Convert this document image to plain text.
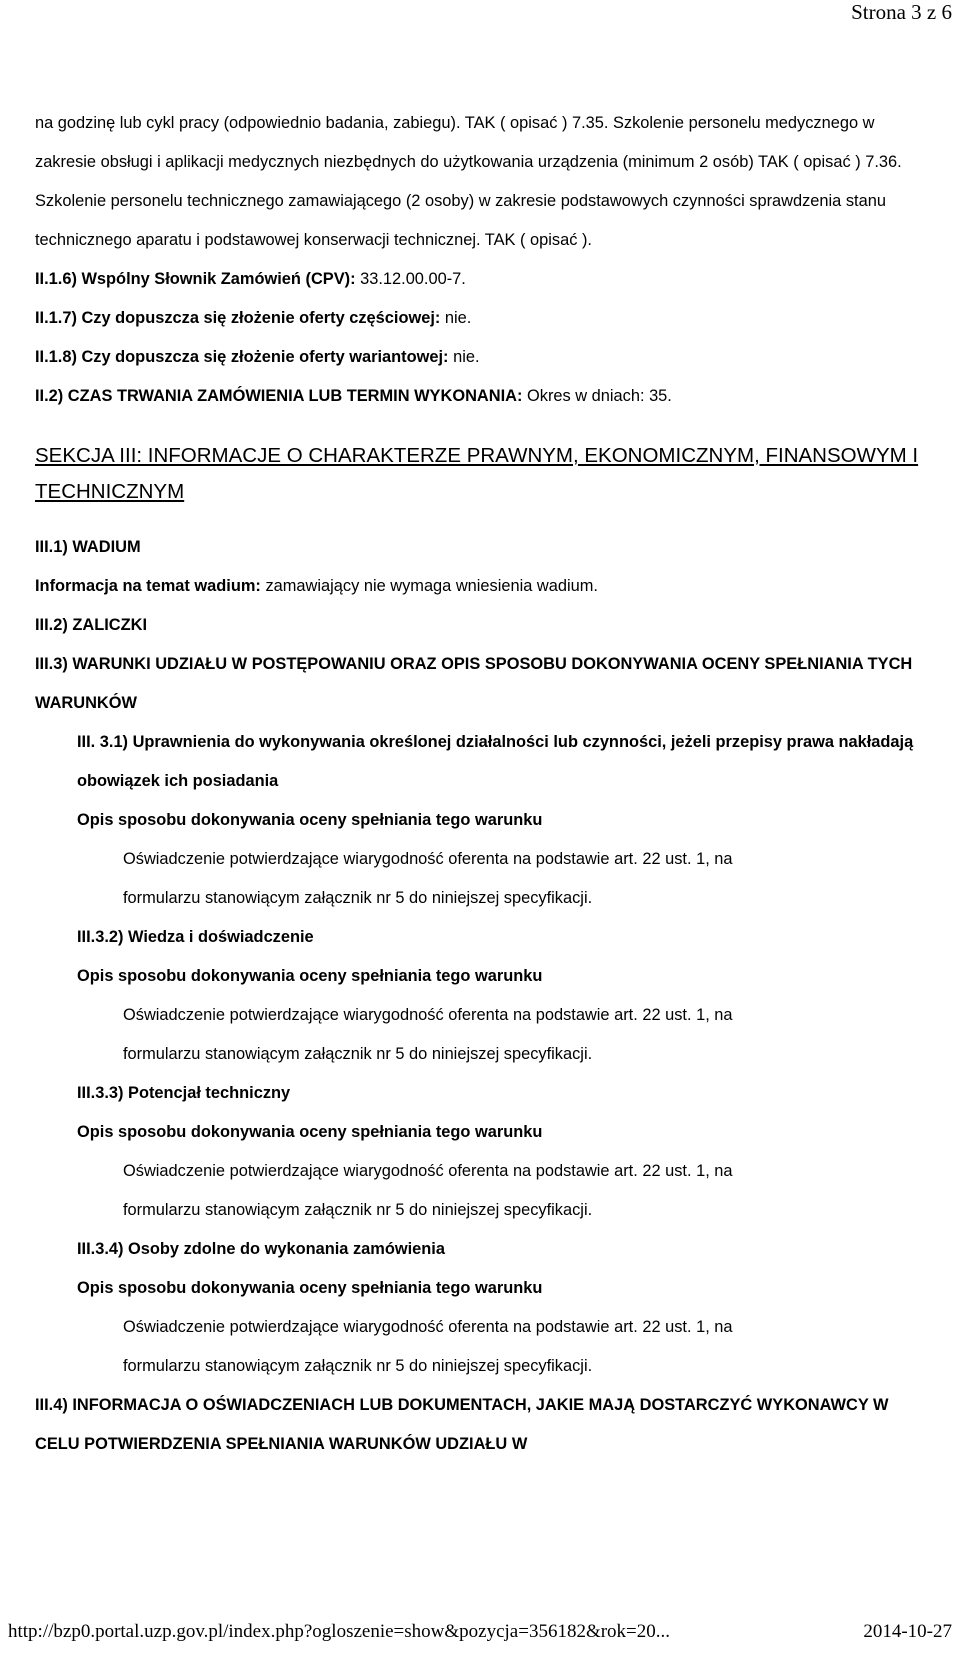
Strona 3 z 6

na godzinę lub cykl pracy (odpowiednio badania, zabiegu). TAK ( opisać ) 7.35. Szkolenie personelu medycznego w zakresie obsługi i aplikacji medycznych niezbędnych do użytkowania urządzenia (minimum 2 osób) TAK ( opisać ) 7.36. Szkolenie personelu technicznego zamawiającego (2 osoby) w zakresie podstawowych czynności sprawdzenia stanu technicznego aparatu i podstawowej konserwacji technicznej. TAK ( opisać ).

II.1.6) Wspólny Słownik Zamówień (CPV): 33.12.00.00-7.
II.1.7) Czy dopuszcza się złożenie oferty częściowej: nie.
II.1.8) Czy dopuszcza się złożenie oferty wariantowej: nie.
II.2) CZAS TRWANIA ZAMÓWIENIA LUB TERMIN WYKONANIA: Okres w dniach: 35.
SEKCJA III: INFORMACJE O CHARAKTERZE PRAWNYM, EKONOMICZNYM, FINANSOWYM I TECHNICZNYM
III.1) WADIUM
Informacja na temat wadium: zamawiający nie wymaga wniesienia wadium.
III.2) ZALICZKI

III.3) WARUNKI UDZIAŁU W POSTĘPOWANIU ORAZ OPIS SPOSOBU DOKONYWANIA OCENY SPEŁNIANIA TYCH WARUNKÓW

III. 3.1) Uprawnienia do wykonywania określonej działalności lub czynności, jeżeli przepisy prawa nakładają obowiązek ich posiadania

Opis sposobu dokonywania oceny spełniania tego warunku
Oświadczenie potwierdzające wiarygodność oferenta na podstawie art. 22 ust. 1, na
formularzu stanowiącym załącznik nr 5 do niniejszej specyfikacji.
III.3.2) Wiedza i doświadczenie
Opis sposobu dokonywania oceny spełniania tego warunku
Oświadczenie potwierdzające wiarygodność oferenta na podstawie art. 22 ust. 1, na
formularzu stanowiącym załącznik nr 5 do niniejszej specyfikacji.
III.3.3) Potencjał techniczny
Opis sposobu dokonywania oceny spełniania tego warunku
Oświadczenie potwierdzające wiarygodność oferenta na podstawie art. 22 ust. 1, na
formularzu stanowiącym załącznik nr 5 do niniejszej specyfikacji.
III.3.4) Osoby zdolne do wykonania zamówienia
Opis sposobu dokonywania oceny spełniania tego warunku
Oświadczenie potwierdzające wiarygodność oferenta na podstawie art. 22 ust. 1, na
formularzu stanowiącym załącznik nr 5 do niniejszej specyfikacji.

III.4) INFORMACJA O OŚWIADCZENIACH LUB DOKUMENTACH, JAKIE MAJĄ DOSTARCZYĆ WYKONAWCY W CELU POTWIERDZENIA SPEŁNIANIA WARUNKÓW UDZIAŁU W

http://bzp0.portal.uzp.gov.pl/index.php?ogloszenie=show&pozycja=356182&rok=20...	2014-10-27
